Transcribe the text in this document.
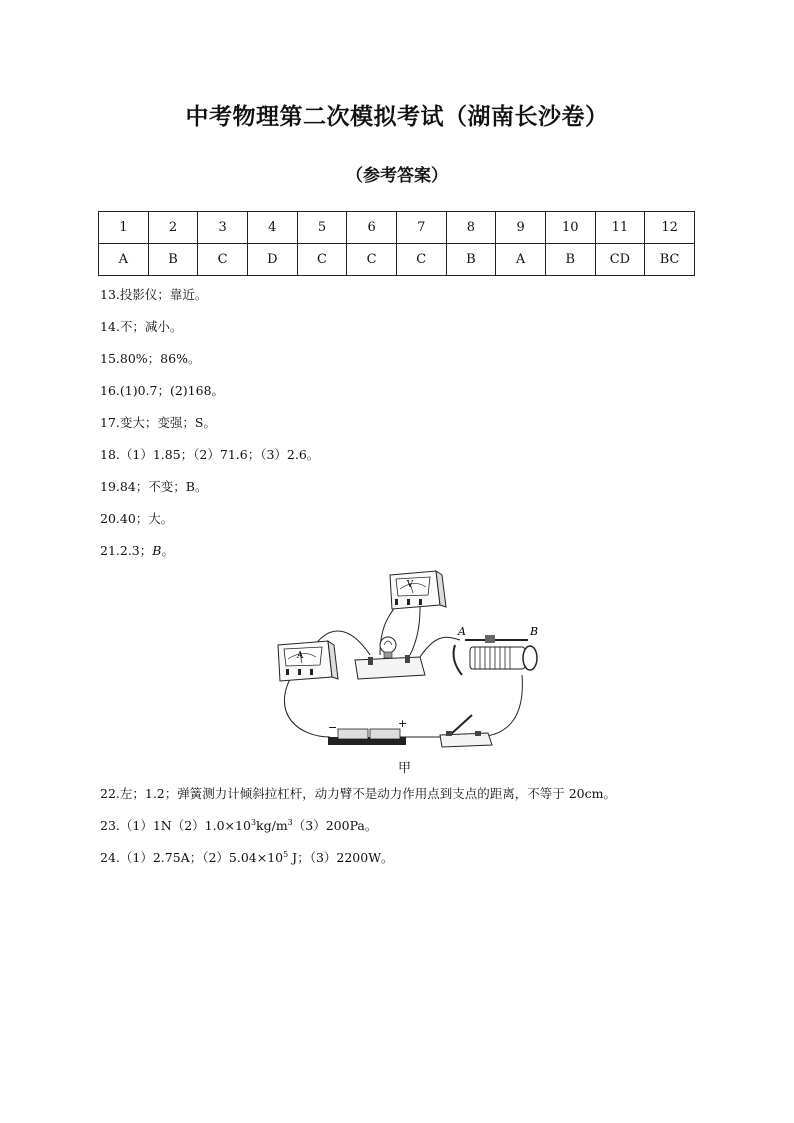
中考物理第二次模拟考试（湖南长沙卷）
（参考答案）
1	2	3	4	5	6	7	8	9	10	11	12
A	B	C	D	C	C	C	B	A	B	CD	BC
13.投影仪；靠近。
14.不；减小。
15.80%；86%。
16.(1)0.7；(2)168。
17.变大；变强；S。
18.（1）1.85；（2）71.6；（3）2.6。
19.84；不变；B。
20.40；大。
21.2.3；B。
V
A
A	B
−	+
甲
22.左；1.2；弹簧测力计倾斜拉杠杆，动力臂不是动力作用点到支点的距离，不等于 20cm。
$23.(1)1N(2)1.0\times 10^3kg/m^3(3)200Pa$。
24.（1）2.75A；$(2)5.04\times 10^5$ J；（3）2200W。
